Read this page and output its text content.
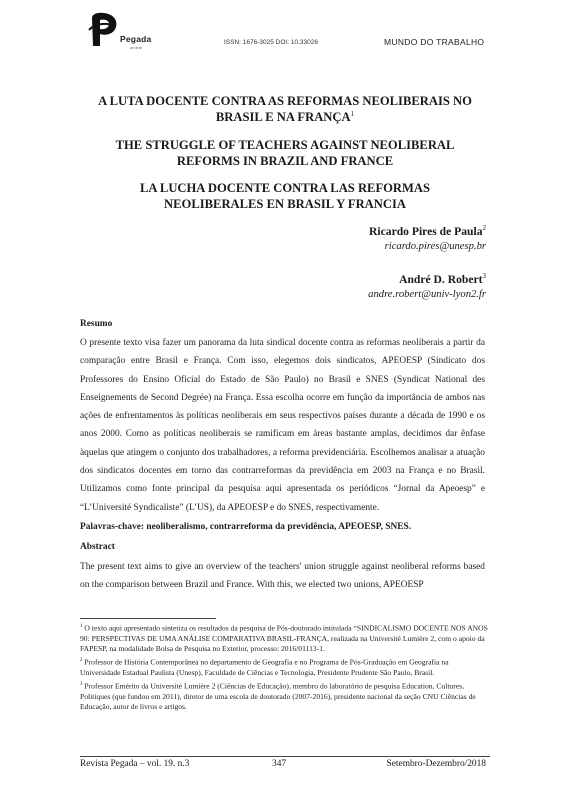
Pegada
on line
ISSN: 1676-3025 DOI: 10.33026	MUNDO DO TRABALHO
A LUTA DOCENTE CONTRA AS REFORMAS NEOLIBERAIS NO
BRASIL E NA FRANÇA$^1$
THE STRUGGLE OF TEACHERS AGAINST NEOLIBERAL
REFORMS IN BRAZIL AND FRANCE
LA LUCHA DOCENTE CONTRA LAS REFORMAS
NEOLIBERALES EN BRASIL Y FRANCIA
Ricardo Pires de Paula$^2$
ricardo.pires@unesp.br
André D. Robert$^3$
andre.robert@univ-lyon2.fr
Resumo
O presente texto visa fazer um panorama da luta sindical docente contra as reformas neoliberais a partir da comparação entre Brasil e França. Com isso, elegemos dois sindicatos, APEOESP (Sindicato dos Professores do Ensino Oficial do Estado de São Paulo) no Brasil e SNES (Syndicat National des Enseignements de Second Degrée) na França. Essa escolha ocorre em função da importância de ambos nas ações de enfrentamentos às políticas neoliberais em seus respectivos países durante a década de 1990 e os anos 2000. Como as políticas neoliberais se ramificam em áreas bastante amplas, decidimos dar ênfase àquelas que atingem o conjunto dos trabalhadores, a reforma previdenciária. Escolhemos analisar a atuação dos sindicatos docentes em torno das contrarreformas da previdência em 2003 na França e no Brasil. Utilizamos como fonte principal da pesquisa aqui apresentada os periódicos “Jornal da Apeoesp” e “L’Université Syndicaliste” (L’US), da APEOESP e do SNES, respectivamente.
Palavras-chave: neoliberalismo, contrarreforma da previdência, APEOESP, SNES.
Abstract
The present text aims to give an overview of the teachers' union struggle against neoliberal reforms based on the comparison between Brazil and France. With this, we elected two unions, APEOESP

$^1$ O texto aqui apresentado sintetiza os resultados da pesquisa de Pós-doutorado intitulada “SINDICALISMO DOCENTE NOS ANOS 90: PERSPECTIVAS DE UMA ANÁLISE COMPARATIVA BRASIL-FRANÇA, realizada na Université Lumière 2, com o apoio da FAPESP, na modalidade Bolsa de Pesquisa no Exterior, processo: 2016/01113-1.

$^2$ Professor de História Contemporânea no departamento de Geografia e no Programa de Pós-Graduação em Geografia na Universidade Estadual Paulista (Unesp), Faculdade de Ciências e Tecnologia, Presidente Prudente São Paulo, Brasil.

$^3$ Professor Emérito da Université Lumière 2 (Ciências de Educação), membro do laboratório de pesquisa Education, Cultures, Politiques (que fundou em 2011), diretor de uma escola de doutorado (2007-2016), presidente nacional da seção CNU Ciências de Educação, autor de livros e artigos.

Revista Pegada – vol. 19. n.3	347	Setembro-Dezembro/2018
